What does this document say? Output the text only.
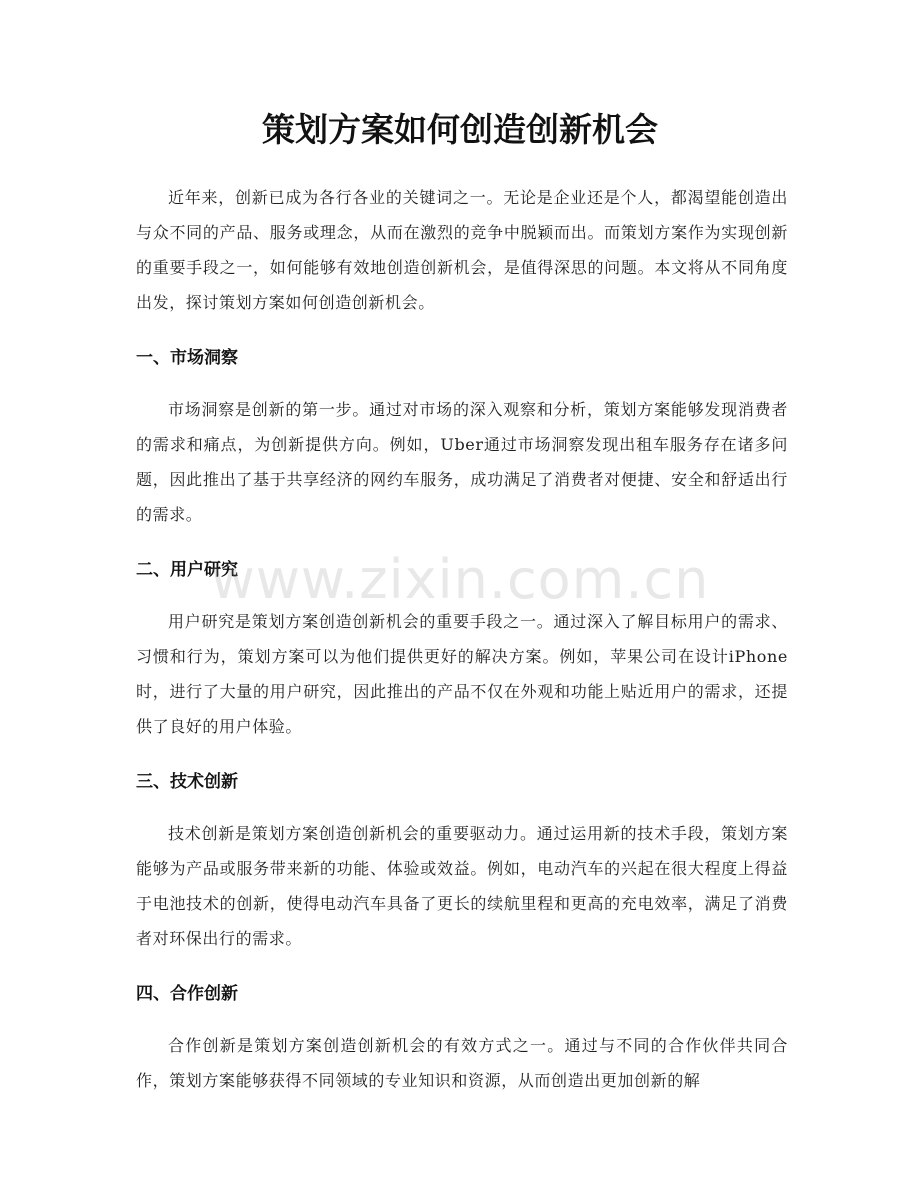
策划方案如何创造创新机会

近年来，创新已成为各行各业的关键词之一。无论是企业还是个人，都渴望能创造出与众不同的产品、服务或理念，从而在激烈的竞争中脱颖而出。而策划方案作为实现创新的重要手段之一，如何能够有效地创造创新机会，是值得深思的问题。本文将从不同角度出发，探讨策划方案如何创造创新机会。

一、市场洞察

市场洞察是创新的第一步。通过对市场的深入观察和分析，策划方案能够发现消费者的需求和痛点，为创新提供方向。例如，Uber通过市场洞察发现出租车服务存在诸多问题，因此推出了基于共享经济的网约车服务，成功满足了消费者对便捷、安全和舒适出行的需求。

二、用户研究

用户研究是策划方案创造创新机会的重要手段之一。通过深入了解目标用户的需求、习惯和行为，策划方案可以为他们提供更好的解决方案。例如，苹果公司在设计iPhone时，进行了大量的用户研究，因此推出的产品不仅在外观和功能上贴近用户的需求，还提供了良好的用户体验。

三、技术创新

技术创新是策划方案创造创新机会的重要驱动力。通过运用新的技术手段，策划方案能够为产品或服务带来新的功能、体验或效益。例如，电动汽车的兴起在很大程度上得益于电池技术的创新，使得电动汽车具备了更长的续航里程和更高的充电效率，满足了消费者对环保出行的需求。

四、合作创新

合作创新是策划方案创造创新机会的有效方式之一。通过与不同的合作伙伴共同合作，策划方案能够获得不同领域的专业知识和资源，从而创造出更加创新的解

www.zixin.com.cn
